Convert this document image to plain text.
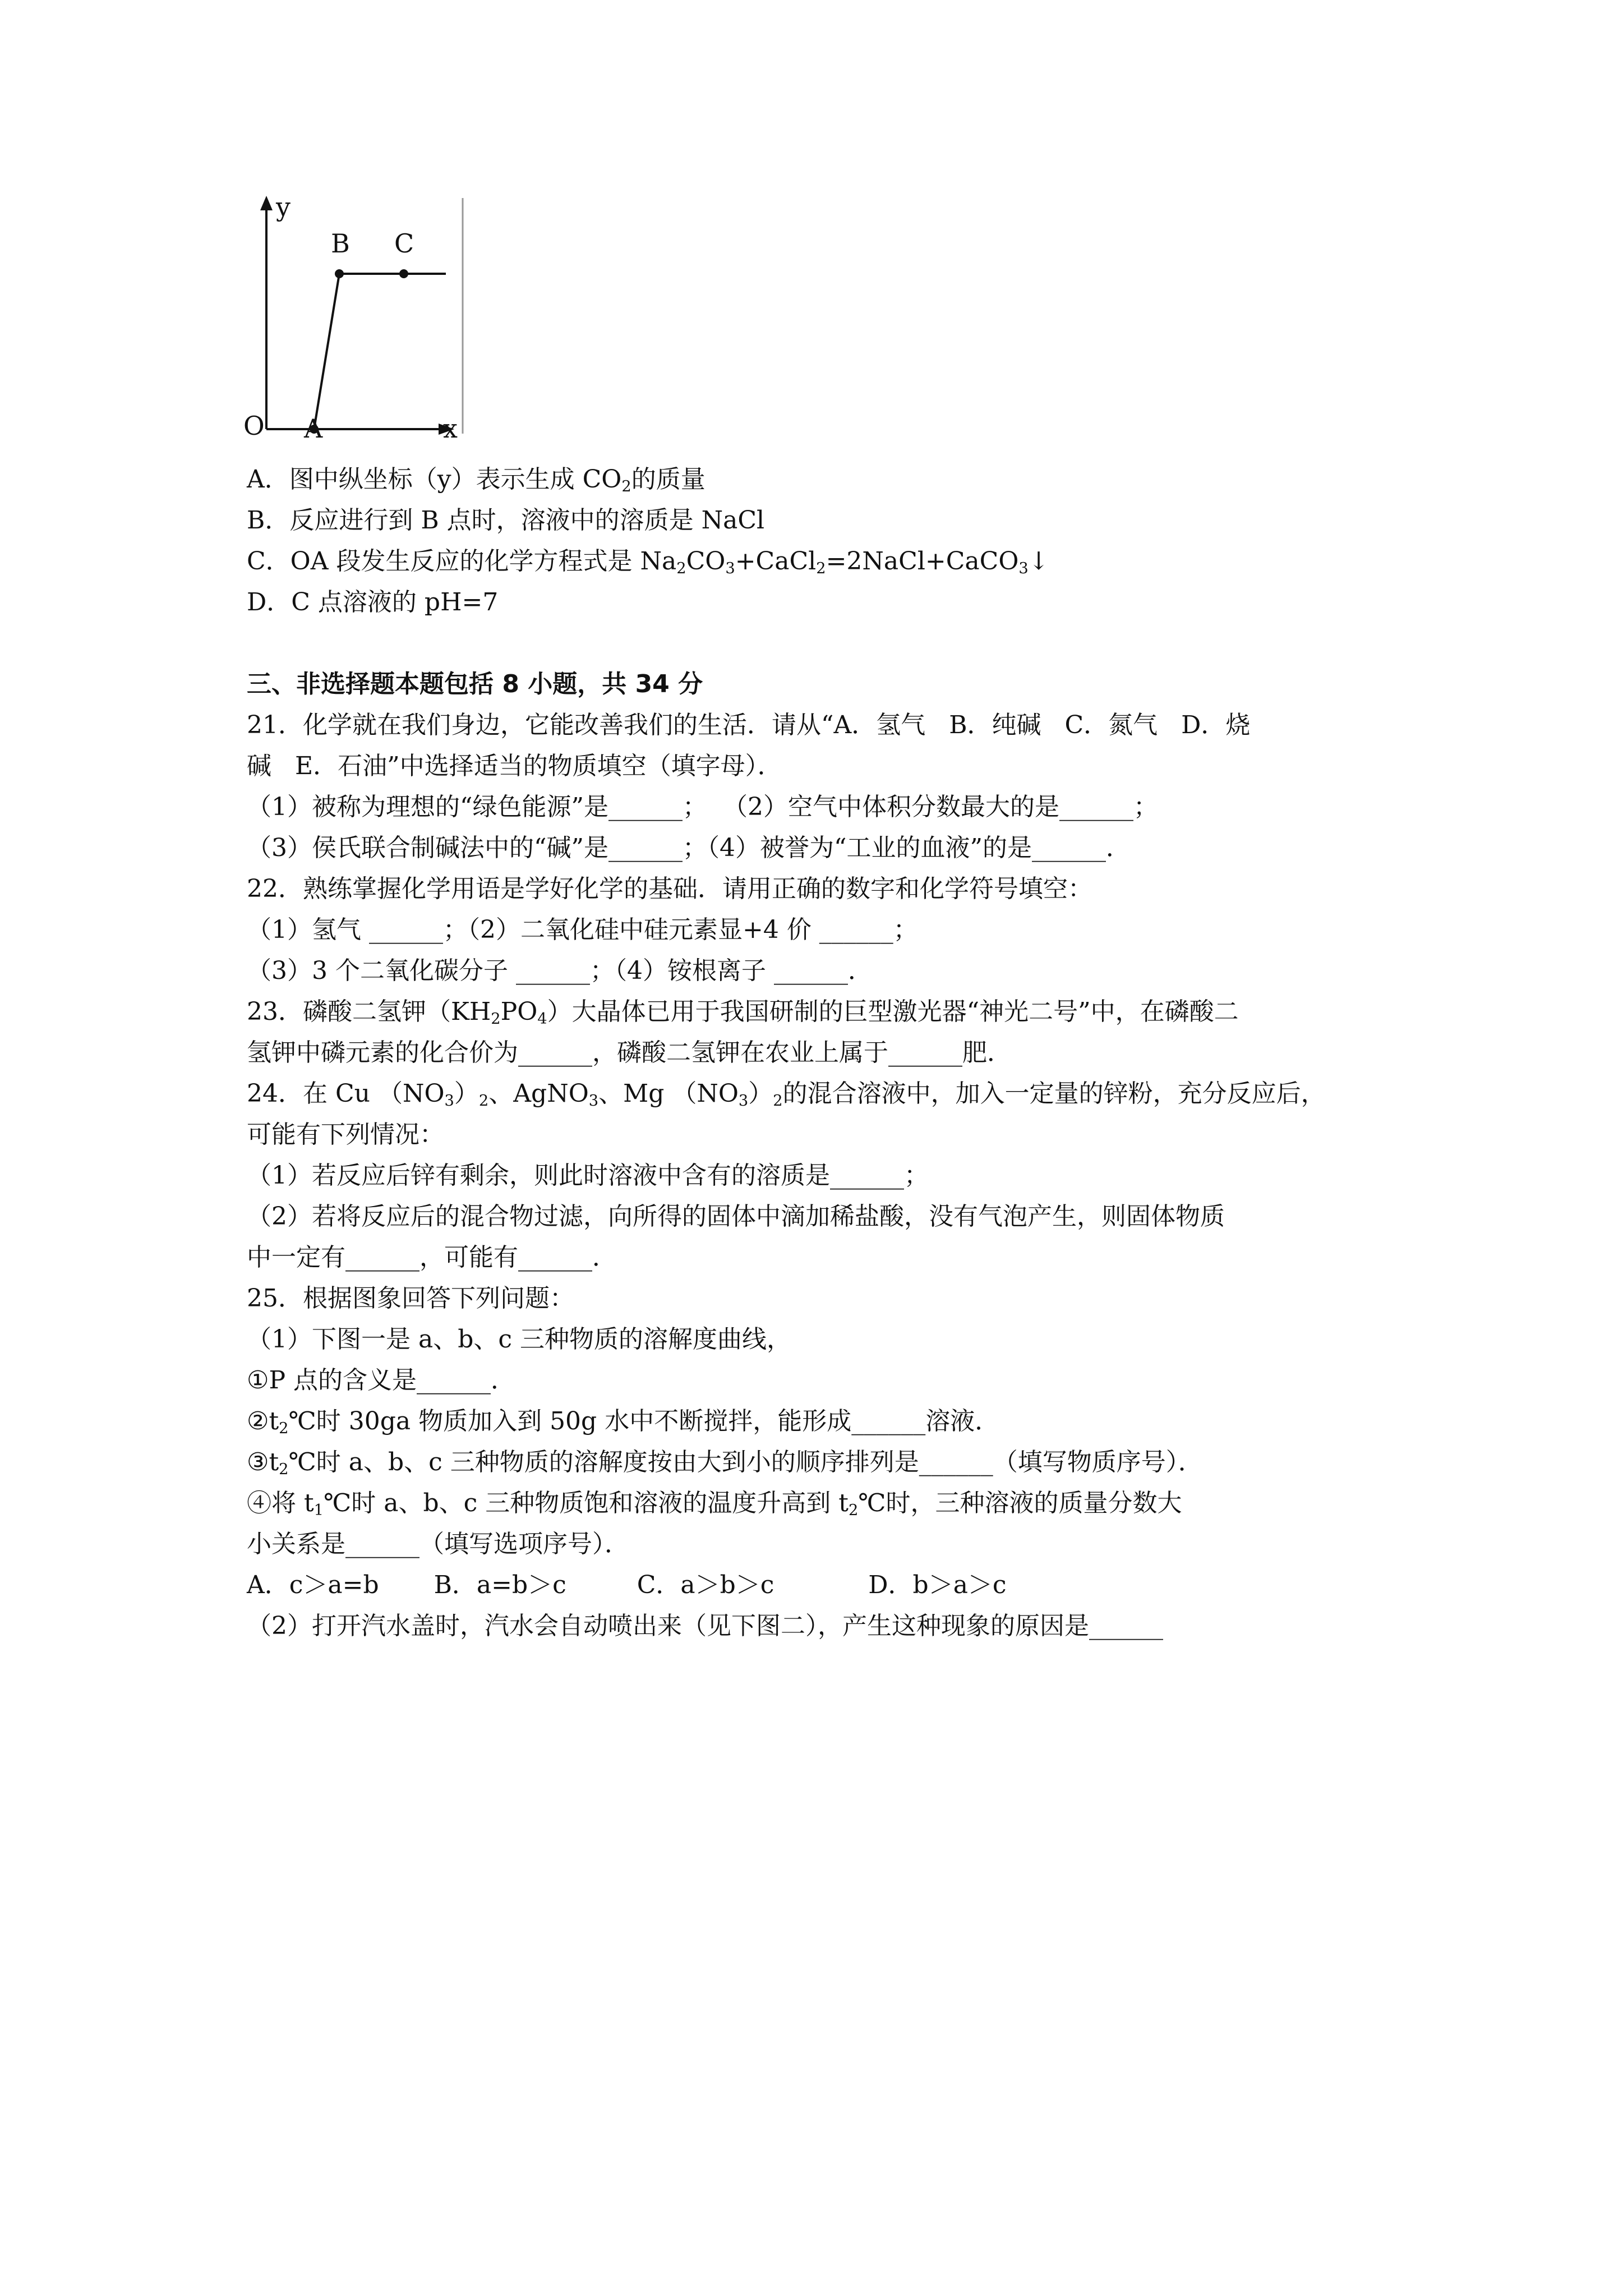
y
x
O A
B C
A．图中纵坐标（y）表示生成 $CO_2$的质量
B．反应进行到 B 点时，溶液中的溶质是 NaCl
C．OA 段发生反应的化学方程式是 $Na_2CO_3+CaCl_2=2NaCl+CaCO_3↓$
D．C 点溶液的 pH=7
三、非选择题本题包括 8 小题，共 34 分
21．化学就在我们身边，它能改善我们的生活．请从“A．氢气   B．纯碱   C．氮气   D．烧
碱   E．石油”中选择适当的物质填空（填字母）．
（1）被称为理想的“绿色能源”是______；  （2）空气中体积分数最大的是______；
（3）侯氏联合制碱法中的“碱”是______；（4）被誉为“工业的血液”的是______．
22．熟练掌握化学用语是学好化学的基础．请用正确的数字和化学符号填空：
（1）氢气 ______；（2）二氧化硅中硅元素显+4 价 ______；
（3）3 个二氧化碳分子 ______；（4）铵根离子 ______．
23．磷酸二氢钾$(KH_2PO_4)$大晶体已用于我国研制的巨型激光器“神光二号”中，在磷酸二
氢钾中磷元素的化合价为______，磷酸二氢钾在农业上属于______肥．
24．在 Cu $(NO_3)_2$、AgNO$_3$、Mg $(NO_3)_2$的混合溶液中，加入一定量的锌粉，充分反应后，
可能有下列情况：
（1）若反应后锌有剩余，则此时溶液中含有的溶质是______；
（2）若将反应后的混合物过滤，向所得的固体中滴加稀盐酸，没有气泡产生，则固体物质
中一定有______，可能有______．
25．根据图象回答下列问题：
（1）下图一是 a、b、c 三种物质的溶解度曲线，
①P 点的含义是______．
$②t_2℃$时 30ga 物质加入到 50g 水中不断搅拌，能形成______溶液．
$③t_2℃$时 a、b、c 三种物质的溶解度按由大到小的顺序排列是______（填写物质序号）．
④将 $t_1℃$时 a、b、c 三种物质饱和溶液的温度升高到 $t_2℃$时，三种溶液的质量分数大
小关系是______（填写选项序号）．
A．c＞a=b       B．a=b＞c         C．a＞b＞c            D．b＞a＞c
（2）打开汽水盖时，汽水会自动喷出来（见下图二），产生这种现象的原因是______
